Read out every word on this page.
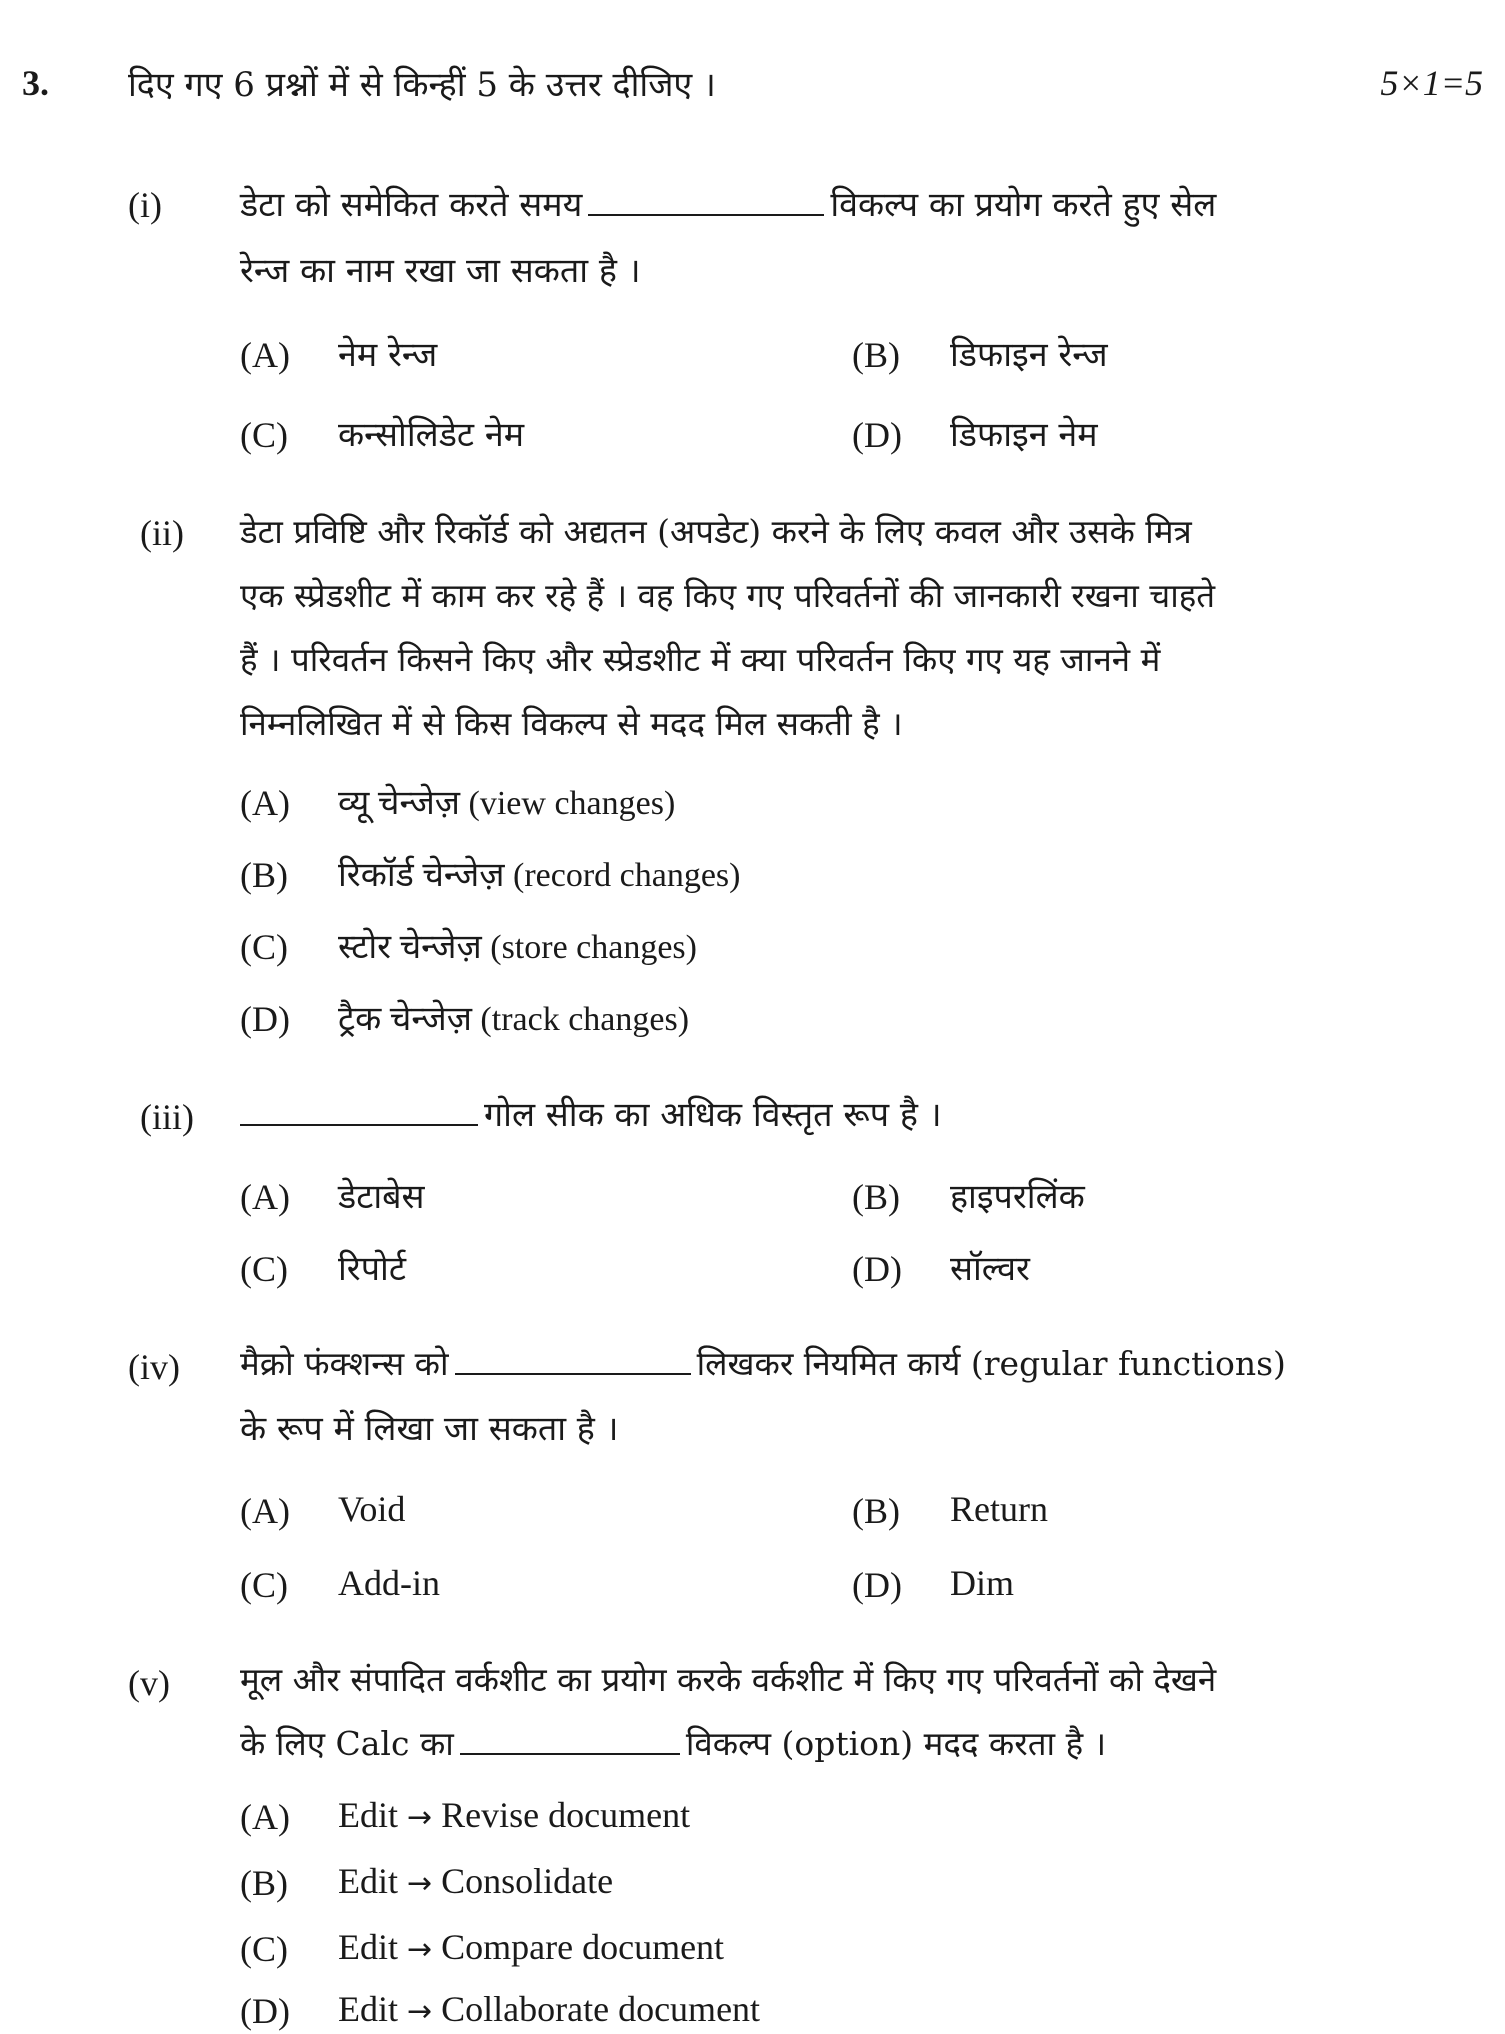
3. दिए गए 6 प्रश्नों में से किन्हीं 5 के उत्तर दीजिए ।	5×1=5
(i) डेटा को समेकित करते समय	विकल्प का प्रयोग करते हुए सेल
रेन्ज का नाम रखा जा सकता है ।
(A) नेम रेन्ज	(B) डिफाइन रेन्ज
(C) कन्सोलिडेट नेम	(D) डिफाइन नेम
(ii) डेटा प्रविष्टि और रिकॉर्ड को अद्यतन (अपडेट) करने के लिए कवल और उसके मित्र
एक स्प्रेडशीट में काम कर रहे हैं । वह किए गए परिवर्तनों की जानकारी रखना चाहते
हैं । परिवर्तन किसने किए और स्प्रेडशीट में क्या परिवर्तन किए गए यह जानने में
निम्नलिखित में से किस विकल्प से मदद मिल सकती है ।
(A) व्यू चेन्जेज़ (view changes)
(B) रिकॉर्ड चेन्जेज़ (record changes)
(C) स्टोर चेन्जेज़ (store changes)
(D) ट्रैक चेन्जेज़ (track changes)
(iii)	गोल सीक का अधिक विस्तृत रूप है ।
(A) डेटाबेस	(B) हाइपरलिंक
(C) रिपोर्ट	(D) सॉल्वर
(iv) मैक्रो फंक्शन्स को	लिखकर नियमित कार्य (regular functions)
के रूप में लिखा जा सकता है ।
(A) Void	(B) Return
(C) Add-in	(D) Dim
(v) मूल और संपादित वर्कशीट का प्रयोग करके वर्कशीट में किए गए परिवर्तनों को देखने
के लिए Calc का	विकल्प (option) मदद करता है ।
(A) Edit → Revise document
(B) Edit → Consolidate
(C) Edit → Compare document
(D) Edit → Collaborate document
